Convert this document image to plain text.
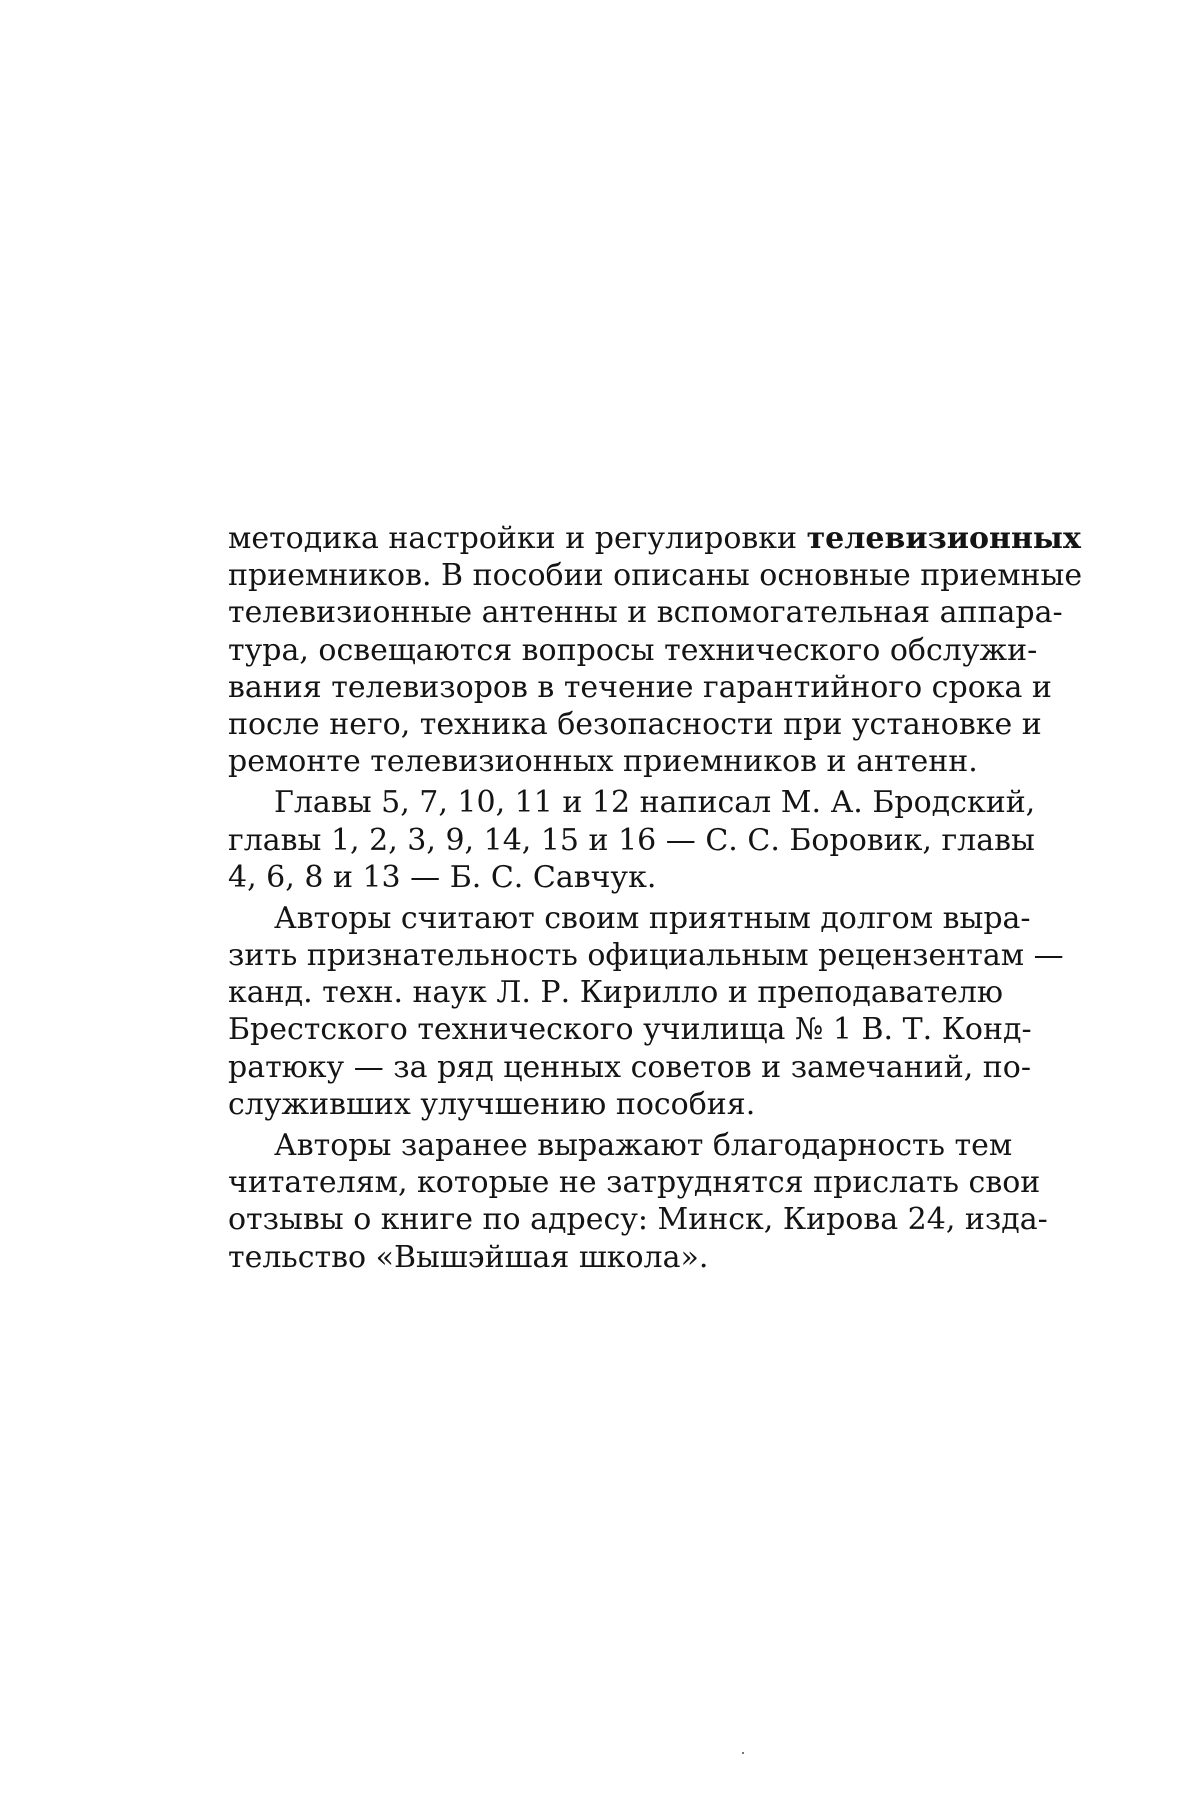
методика настройки и регулировки телевизионных
приемников. В пособии описаны основные приемные
телевизионные антенны и вспомогательная аппара-
тура, освещаются вопросы технического обслужи-
вания телевизоров в течение гарантийного срока и
после него, техника безопасности при установке и
ремонте телевизионных приемников и антенн.
Главы 5, 7, 10, 11 и 12 написал М. А. Бродский,
главы 1, 2, 3, 9, 14, 15 и 16 — С. С. Боровик, главы
4, 6, 8 и 13 — Б. С. Савчук.
Авторы считают своим приятным долгом выра-
зить признательность официальным рецензентам —
канд. техн. наук Л. Р. Кирилло и преподавателю
Брестского технического училища № 1 В. Т. Конд-
ратюку — за ряд ценных советов и замечаний, по-
служивших улучшению пособия.
Авторы заранее выражают благодарность тем
читателям, которые не затруднятся прислать свои
отзывы о книге по адресу: Минск, Кирова 24, изда-
тельство «Вышэйшая школа».
